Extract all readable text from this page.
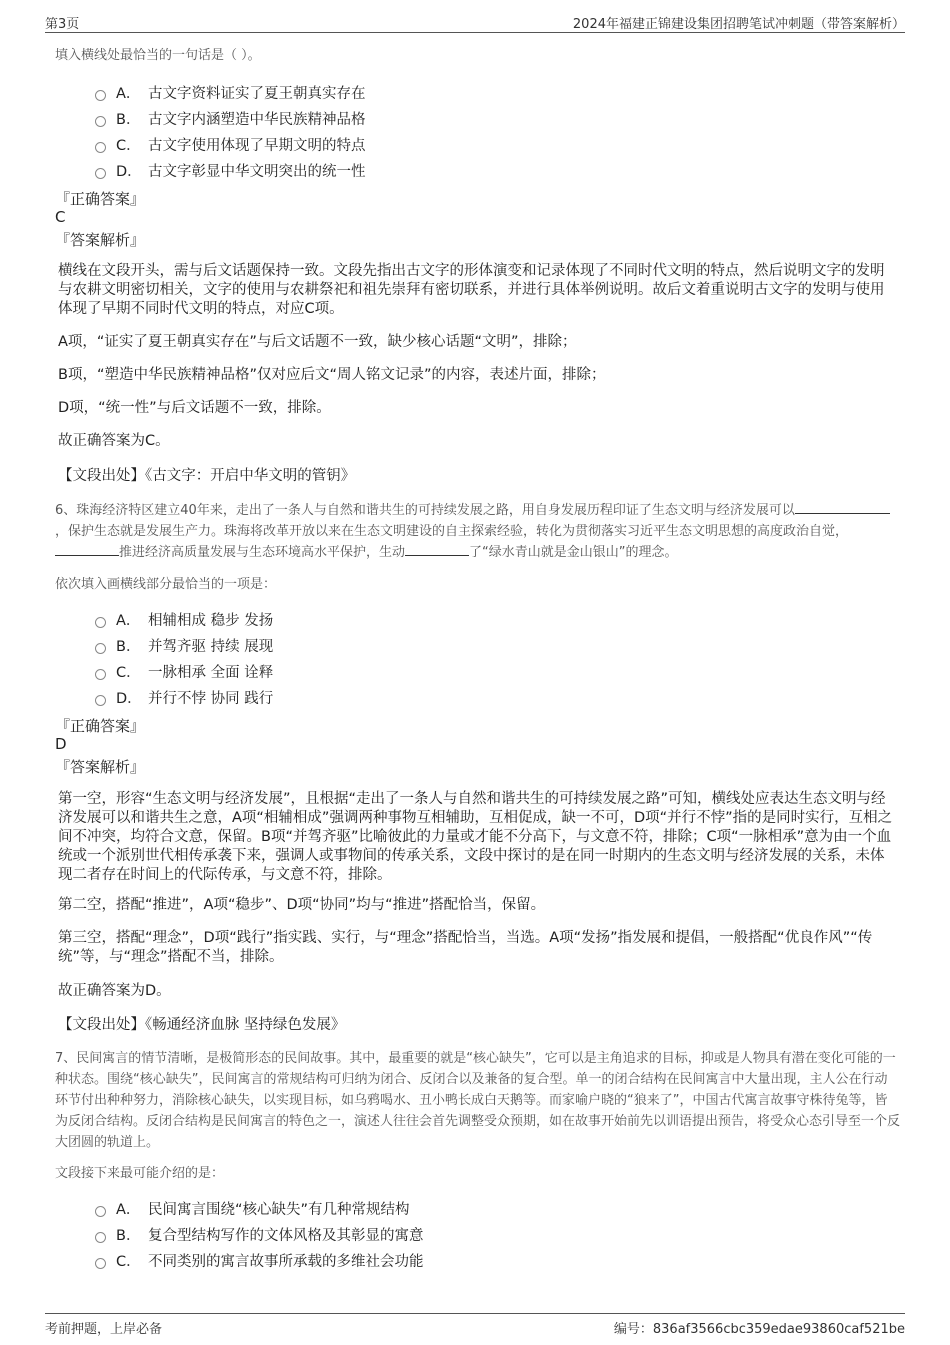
第3页	2024年福建正锦建设集团招聘笔试冲刺题（带答案解析）
填入横线处最恰当的一句话是（ ）。
A． 古文字资料证实了夏王朝真实存在
B． 古文字内涵塑造中华民族精神品格
C． 古文字使用体现了早期文明的特点
D． 古文字彰显中华文明突出的统一性
『正确答案』
C
『答案解析』
横线在文段开头，需与后文话题保持一致。文段先指出古文字的形体演变和记录体现了不同时代文明的特点，然后说明文字的发明与农耕文明密切相关，文字的使用与农耕祭祀和祖先崇拜有密切联系，并进行具体举例说明。故后文着重说明古文字的发明与使用体现了早期不同时代文明的特点，对应C项。
A项，“证实了夏王朝真实存在”与后文话题不一致，缺少核心话题“文明”，排除；
B项，“塑造中华民族精神品格”仅对应后文“周人铭文记录”的内容，表述片面，排除；
D项，“统一性”与后文话题不一致，排除。
故正确答案为C。
【文段出处】《古文字：开启中华文明的管钥》
6、珠海经济特区建立40年来，走出了一条人与自然和谐共生的可持续发展之路，用自身发展历程印证了生态文明与经济发展可以，保护生态就是发展生产力。珠海将改革开放以来在生态文明建设的自主探索经验，转化为贯彻落实习近平生态文明思想的高度政治自觉，推进经济高质量发展与生态环境高水平保护，生动	了“绿水青山就是金山银山”的理念。
依次填入画横线部分最恰当的一项是：
A． 相辅相成 稳步 发扬
B． 并驾齐驱 持续 展现
C． 一脉相承 全面 诠释
D． 并行不悖 协同 践行
『正确答案』
D
『答案解析』
第一空，形容“生态文明与经济发展”，且根据“走出了一条人与自然和谐共生的可持续发展之路”可知，横线处应表达生态文明与经济发展可以和谐共生之意，A项“相辅相成”强调两种事物互相辅助，互相促成，缺一不可，D项“并行不悖”指的是同时实行，互相之间不冲突，均符合文意，保留。B项“并驾齐驱”比喻彼此的力量或才能不分高下，与文意不符，排除；C项“一脉相承”意为由一个血统或一个派别世代相传承袭下来，强调人或事物间的传承关系，文段中探讨的是在同一时期内的生态文明与经济发展的关系，未体现二者存在时间上的代际传承，与文意不符，排除。
第二空，搭配“推进”，A项“稳步”、D项“协同”均与“推进”搭配恰当，保留。
第三空，搭配“理念”，D项“践行”指实践、实行，与“理念”搭配恰当，当选。A项“发扬”指发展和提倡，一般搭配“优良作风”“传统”等，与“理念”搭配不当，排除。
故正确答案为D。
【文段出处】《畅通经济血脉 坚持绿色发展》
7、民间寓言的情节清晰，是极简形态的民间故事。其中，最重要的就是“核心缺失”，它可以是主角追求的目标，抑或是人物具有潜在变化可能的一种状态。围绕“核心缺失”，民间寓言的常规结构可归纳为闭合、反闭合以及兼备的复合型。单一的闭合结构在民间寓言中大量出现，主人公在行动环节付出种种努力，消除核心缺失，以实现目标，如乌鸦喝水、丑小鸭长成白天鹅等。而家喻户晓的“狼来了”，中国古代寓言故事守株待兔等，皆为反闭合结构。反闭合结构是民间寓言的特色之一，演述人往往会首先调整受众预期，如在故事开始前先以训语提出预告，将受众心态引导至一个反大团圆的轨道上。
文段接下来最可能介绍的是：
A． 民间寓言围绕“核心缺失”有几种常规结构
B． 复合型结构写作的文体风格及其彰显的寓意
C． 不同类别的寓言故事所承载的多维社会功能
考前押题，上岸必备	编号：836af3566cbc359edae93860caf521be
